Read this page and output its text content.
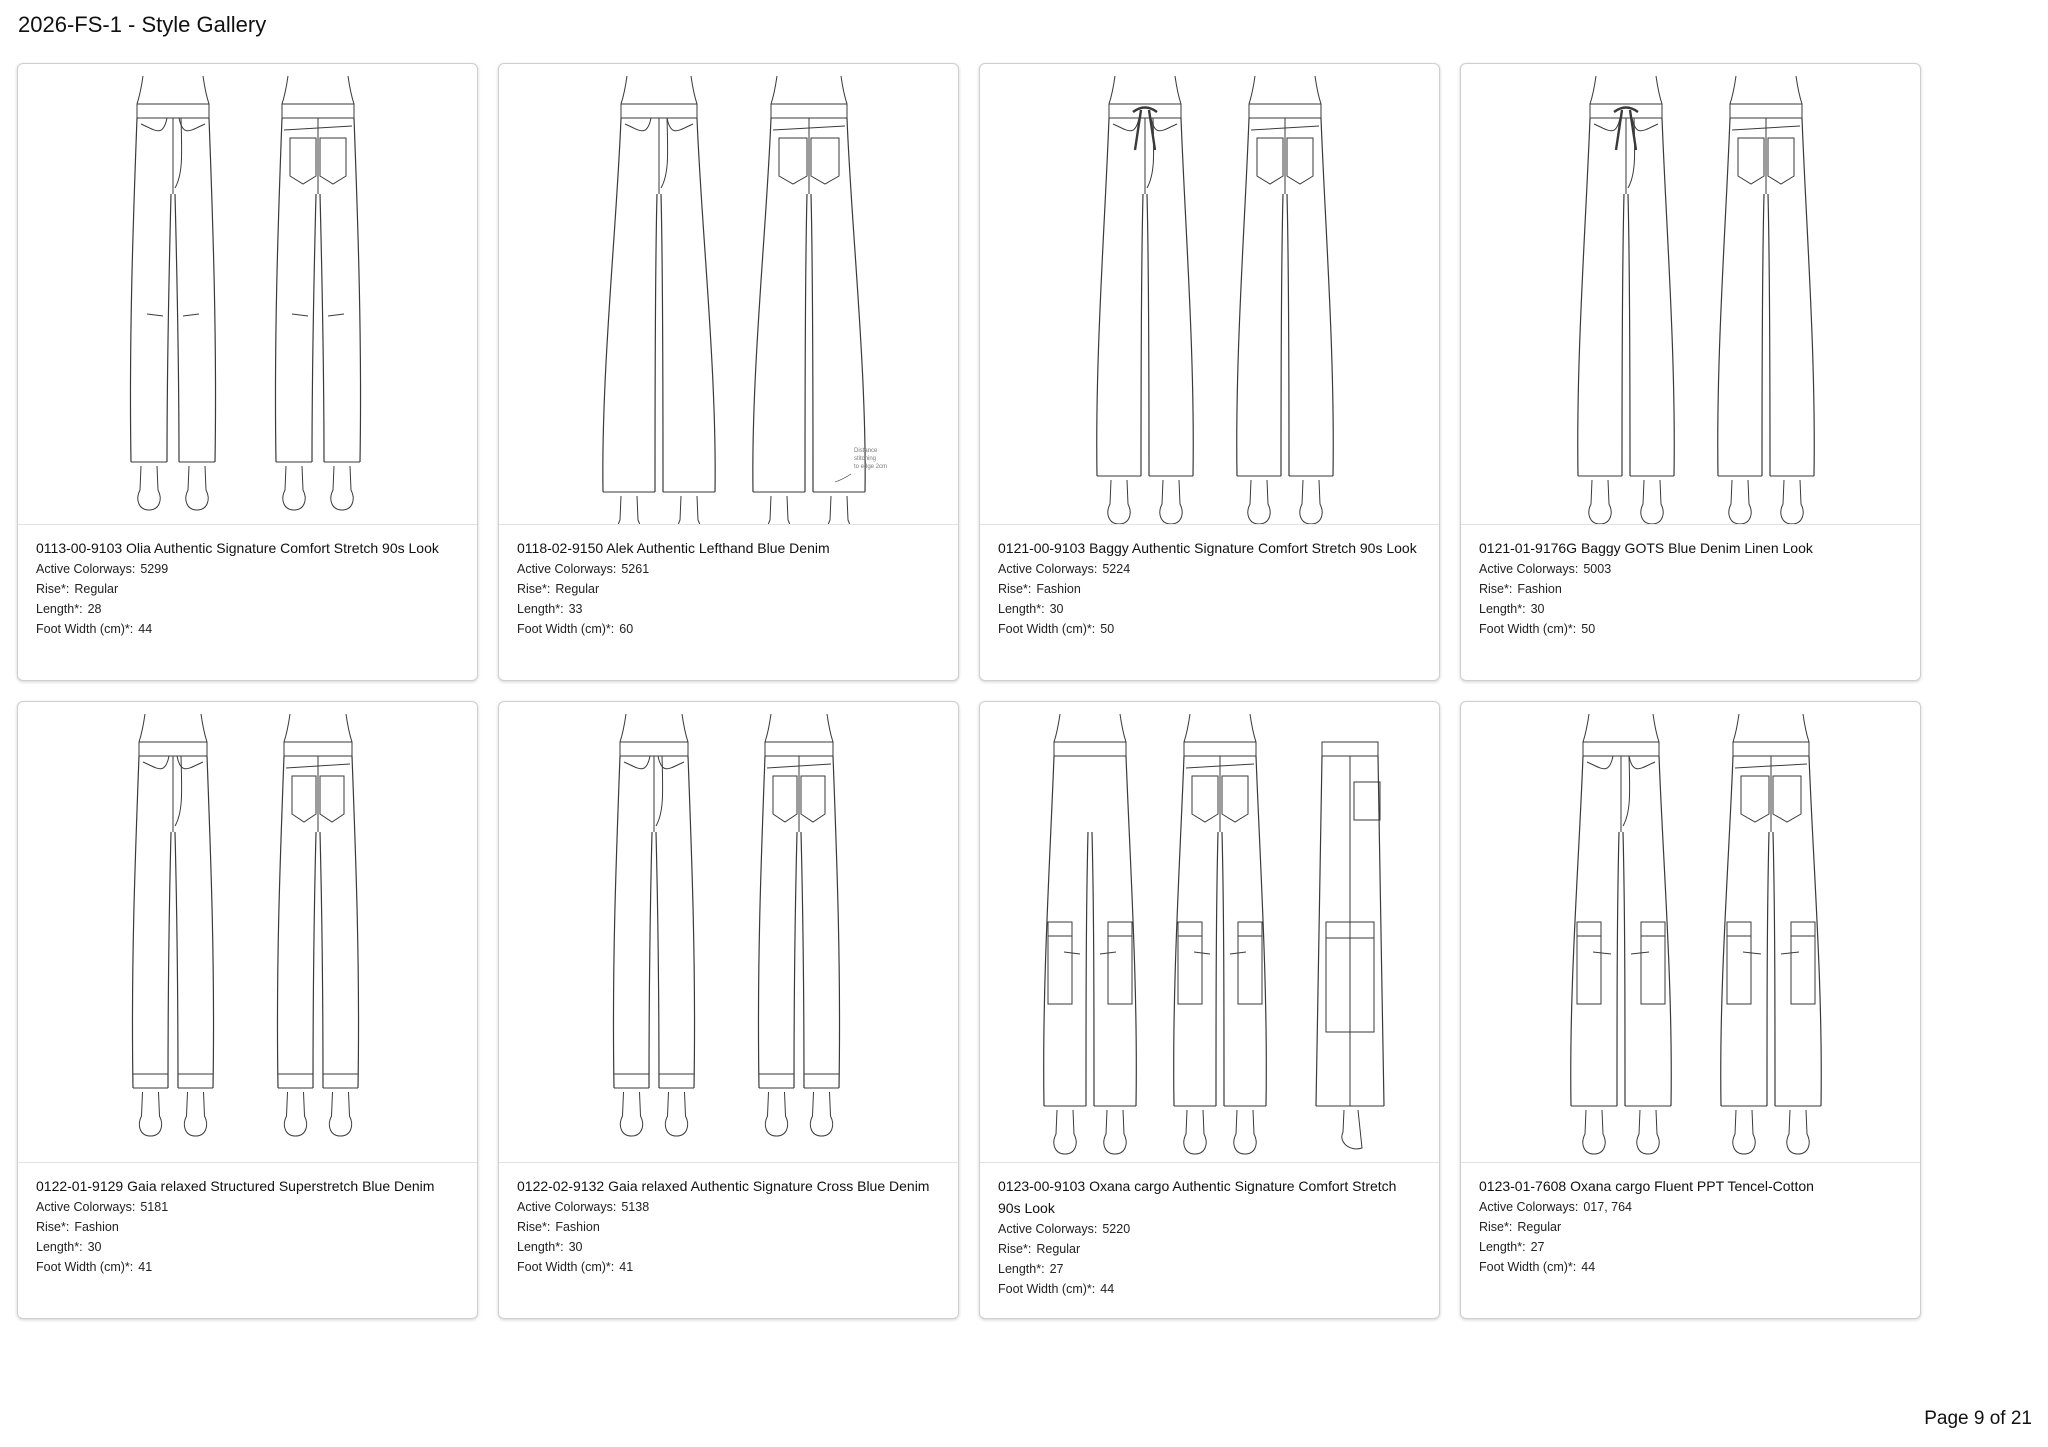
2026-FS-1 - Style Gallery
0113-00-9103 Olia Authentic Signature Comfort Stretch 90s Look
Active Colorways: 5299
Rise*: Regular
Length*: 28
Foot Width (cm)*: 44
Distance
stitching
to edge 2cm
0118-02-9150 Alek Authentic Lefthand Blue Denim
Active Colorways: 5261
Rise*: Regular
Length*: 33
Foot Width (cm)*: 60
0121-00-9103 Baggy Authentic Signature Comfort Stretch 90s Look
Active Colorways: 5224
Rise*: Fashion
Length*: 30
Foot Width (cm)*: 50
0121-01-9176G Baggy GOTS Blue Denim Linen Look
Active Colorways: 5003
Rise*: Fashion
Length*: 30
Foot Width (cm)*: 50
0122-01-9129 Gaia relaxed Structured Superstretch Blue Denim
Active Colorways: 5181
Rise*: Fashion
Length*: 30
Foot Width (cm)*: 41
0122-02-9132 Gaia relaxed Authentic Signature Cross Blue Denim
Active Colorways: 5138
Rise*: Fashion
Length*: 30
Foot Width (cm)*: 41
0123-00-9103 Oxana cargo Authentic Signature Comfort Stretch 90s Look
Active Colorways: 5220
Rise*: Regular
Length*: 27
Foot Width (cm)*: 44
0123-01-7608 Oxana cargo Fluent PPT Tencel-Cotton
Active Colorways: 017, 764
Rise*: Regular
Length*: 27
Foot Width (cm)*: 44
Page 9 of 21
